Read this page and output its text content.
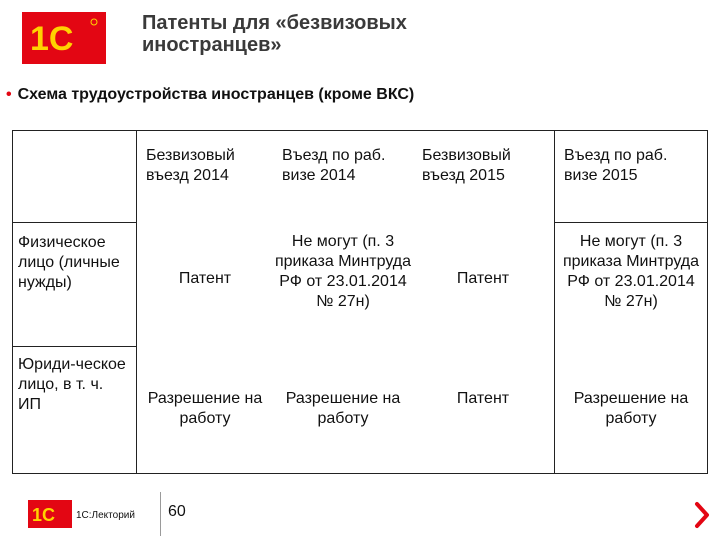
1С	Патенты для «безвизовых
иностранцев»
• Схема трудоустройства иностранцев (кроме ВКС)
Безвизовый въезд 2014
Въезд по раб. визе 2014
Безвизовый въезд 2015
Въезд по раб. визе 2015
Физическое лицо (личные нужды)
Юриди-ческое лицо, в т. ч. ИП
Патент
Не могут (п. 3 приказа Минтруда РФ от 23.01.2014 № 27н)
Патент
Не могут (п. 3 приказа Минтруда РФ от 23.01.2014 № 27н)
Разрешение на работу
Разрешение на работу
Патент	Разрешение на работу
1С 1С:Лекторий 60
